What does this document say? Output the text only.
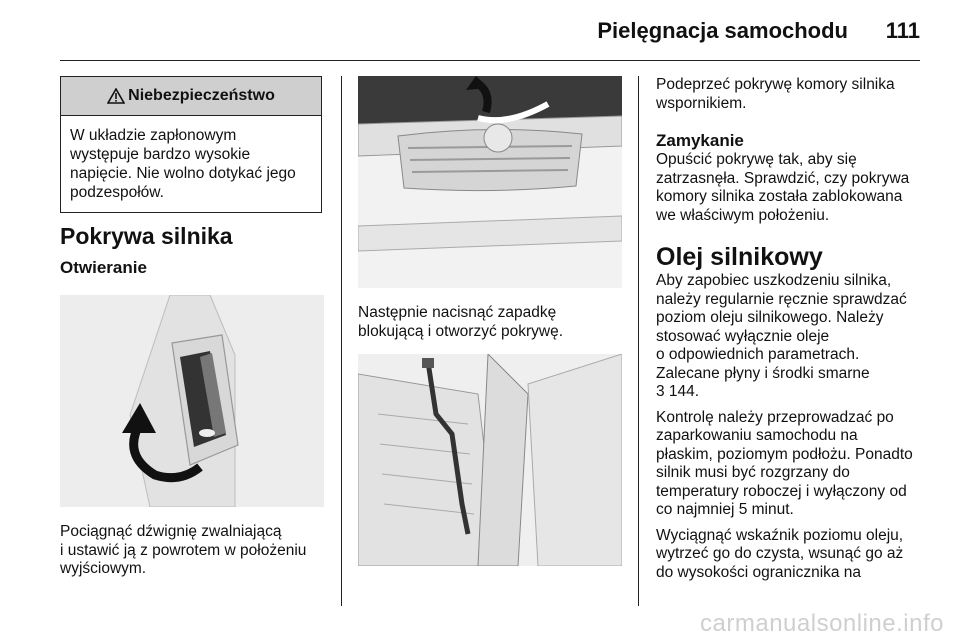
Pielęgnacja samochodu 111
Niebezpieczeństwo
W układzie zapłonowym
występuje bardzo wysokie
napięcie. Nie wolno dotykać jego
podzespołów.
Pokrywa silnika
Otwieranie
Pociągnąć dźwignię zwalniającą
i ustawić ją z powrotem w położeniu
wyjściowym.
Następnie nacisnąć zapadkę
blokującą i otworzyć pokrywę.
Podeprzeć pokrywę komory silnika
wspornikiem.
Zamykanie
Opuścić pokrywę tak, aby się
zatrzasnęła. Sprawdzić, czy pokrywa
komory silnika została zablokowana
we właściwym położeniu.
Olej silnikowy
Aby zapobiec uszkodzeniu silnika,
należy regularnie ręcznie sprawdzać
poziom oleju silnikowego. Należy
stosować wyłącznie oleje
o odpowiednich parametrach.
Zalecane płyny i środki smarne
3 144.
Kontrolę należy przeprowadzać po
zaparkowaniu samochodu na
płaskim, poziomym podłożu. Ponadto
silnik musi być rozgrzany do
temperatury roboczej i wyłączony od
co najmniej 5 minut.
Wyciągnąć wskaźnik poziomu oleju,
wytrzeć go do czysta, wsunąć go aż
do wysokości ogranicznika na
carmanualsonline.info
